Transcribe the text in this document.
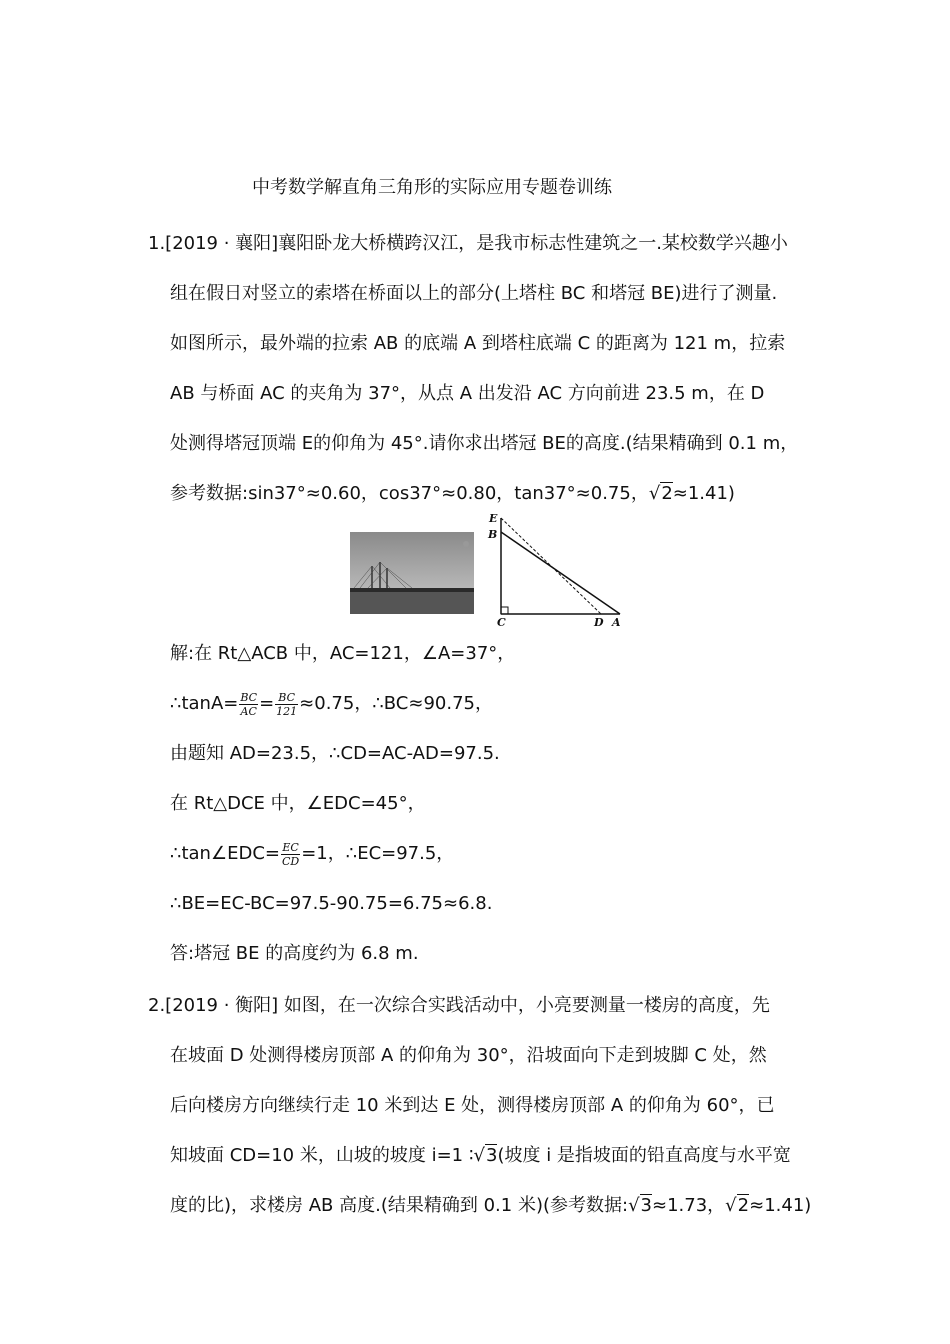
中考数学解直角三角形的实际应用专题卷训练
1.[2019 · 襄阳]襄阳卧龙大桥横跨汉江，是我市标志性建筑之一.某校数学兴趣小
组在假日对竖立的索塔在桥面以上的部分(上塔柱 BC 和塔冠 BE)进行了测量.
如图所示，最外端的拉索 AB 的底端 A 到塔柱底端 C 的距离为 121 m，拉索
AB 与桥面 AC 的夹角为 37°，从点 A 出发沿 AC 方向前进 23.5 m，在 D
处测得塔冠顶端 E的仰角为 45°.请你求出塔冠 BE的高度.(结果精确到 0.1 m，
参考数据:sin37°≈0.60，cos37°≈0.80，tan37°≈0.75，√2≈1.41)
E
B
C	D A
解:在 Rt△ACB 中，AC=121，∠A=37°，
∴tanA= $\frac{BC}{AC} = \frac{BC}{121} \approx 0.75$，∴BC≈90.75，
由题知 AD=23.5，∴CD=AC-AD=97.5.
在 Rt△DCE 中，∠EDC=45°，
∴tan∠EDC= $\frac{EC}{CD} =1$，∴EC=97.5，
∴BE=EC-BC=97.5-90.75=6.75≈6.8.
答:塔冠 BE 的高度约为 6.8 m.
2.[2019 · 衡阳] 如图，在一次综合实践活动中，小亮要测量一楼房的高度，先
在坡面 D 处测得楼房顶部 A 的仰角为 30°，沿坡面向下走到坡脚 C 处，然
后向楼房方向继续行走 10 米到达 E 处，测得楼房顶部 A 的仰角为 60°，已
知坡面 CD=10 米，山坡的坡度 i=1 ∶√3(坡度 i 是指坡面的铅直高度与水平宽
度的比)，求楼房 AB 高度.(结果精确到 0.1 米)(参考数据:√3≈1.73，√2≈1.41)
